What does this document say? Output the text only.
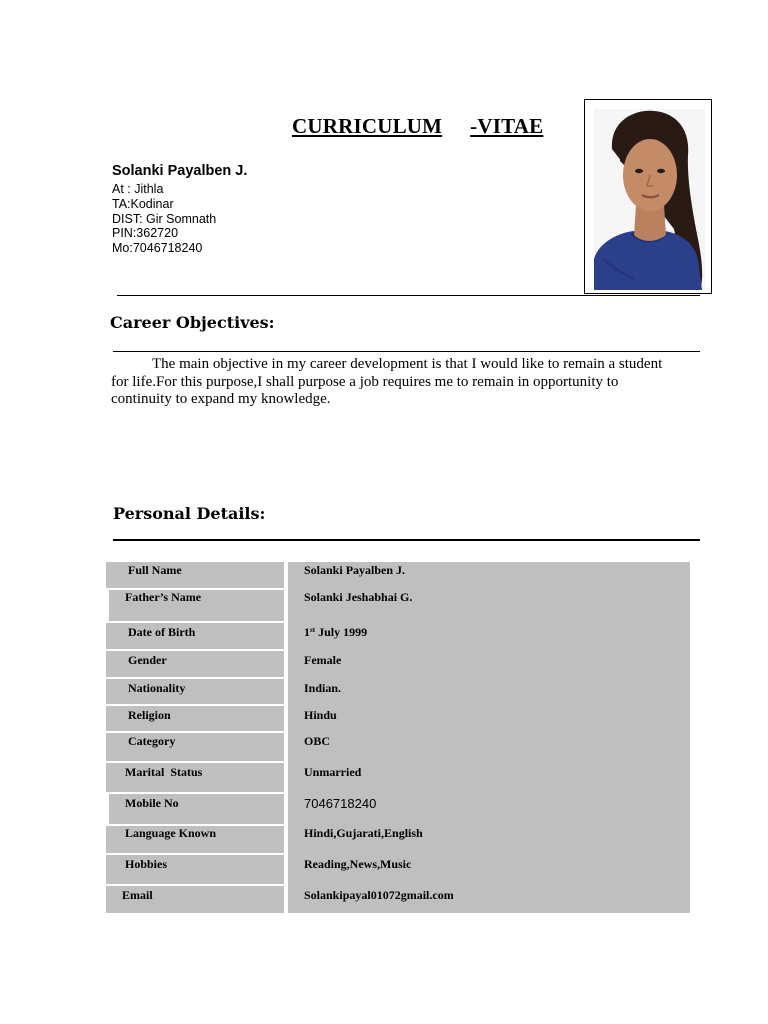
CURRICULUM -VITAE
Solanki Payalben J.
At : Jithla
TA:Kodinar
DIST: Gir Somnath
PIN:362720
Mo:7046718240
Career Objectives:
The main objective in my career development is that I would like to remain a student for life.For this purpose,I shall purpose a job requires me to remain in opportunity to continuity to expand my knowledge.
Personal Details:
Full Name	Solanki Payalben J.
Father’s Name	Solanki Jeshabhai G.
Date of Birth	1st July 1999
Gender	Female
Nationality	Indian.
Religion	Hindu
Category	OBC
Marital  Status	Unmarried
Mobile No	7046718240
Language Known	Hindi,Gujarati,English
Hobbies	Reading,News,Music
Email	Solankipayal01072gmail.com
